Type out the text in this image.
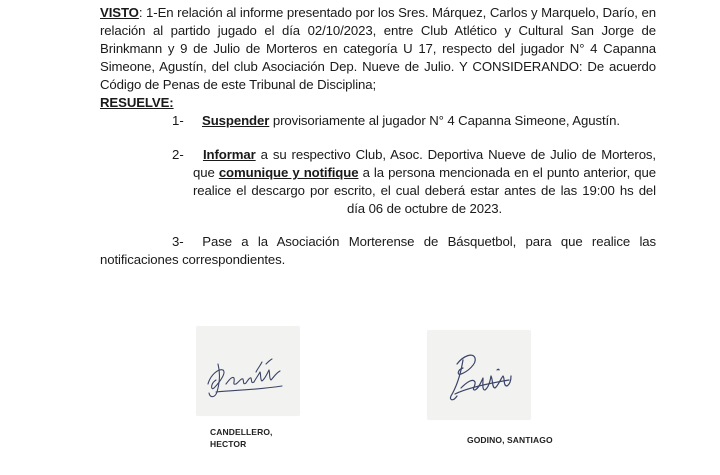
VISTO: 1-En relación al informe presentado por los Sres. Márquez, Carlos y Marquelo, Darío, en relación al partido jugado el día 02/10/2023, entre Club Atlético y Cultural San Jorge de Brinkmann y 9 de Julio de Morteros en categoría U 17, respecto del jugador N° 4 Capanna Simeone, Agustín, del club Asociación Dep. Nueve de Julio. Y CONSIDERANDO: De acuerdo Código de Penas de este Tribunal de Disciplina;
RESUELVE:
1- Suspender provisoriamente al jugador N° 4 Capanna Simeone, Agustín.
2-	Informar a su respectivo Club, Asoc. Deportiva Nueve de Julio de Morteros, que comunique y notifique a la persona mencionada en el punto anterior, que realice el descargo por escrito, el cual deberá estar antes de las 19:00 hs del día 06 de octubre de 2023.
3- Pase a la Asociación Morterense de Básquetbol, para que realice las notificaciones correspondientes.
CANDELLERO,
HECTOR	GODINO, SANTIAGO
